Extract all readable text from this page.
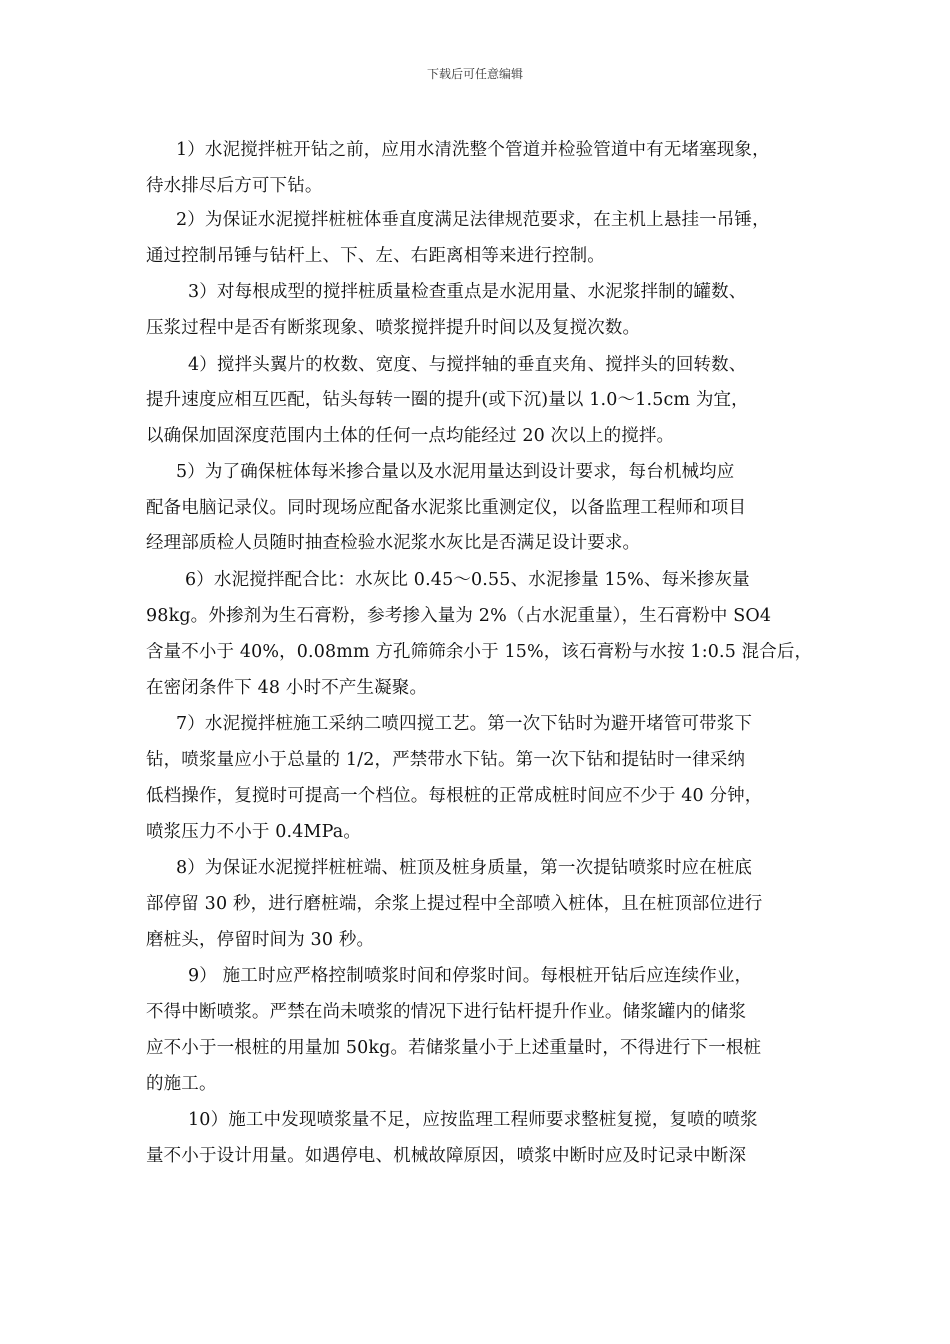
下载后可任意编辑
1）水泥搅拌桩开钻之前，应用水清洗整个管道并检验管道中有无堵塞现象，
待水排尽后方可下钻。
2）为保证水泥搅拌桩桩体垂直度满足法律规范要求，在主机上悬挂一吊锤，
通过控制吊锤与钻杆上、下、左、右距离相等来进行控制。
3）对每根成型的搅拌桩质量检查重点是水泥用量、水泥浆拌制的罐数、
压浆过程中是否有断浆现象、喷浆搅拌提升时间以及复搅次数。
4）搅拌头翼片的枚数、宽度、与搅拌轴的垂直夹角、搅拌头的回转数、
提升速度应相互匹配，钻头每转一圈的提升(或下沉)量以 1.0～1.5cm 为宜，
以确保加固深度范围内土体的任何一点均能经过 20 次以上的搅拌。
5）为了确保桩体每米掺合量以及水泥用量达到设计要求，每台机械均应
配备电脑记录仪。同时现场应配备水泥浆比重测定仪，以备监理工程师和项目
经理部质检人员随时抽查检验水泥浆水灰比是否满足设计要求。
6）水泥搅拌配合比：水灰比 0.45～0.55、水泥掺量 15%、每米掺灰量
98kg。外掺剂为生石膏粉，参考掺入量为 2%（占水泥重量），生石膏粉中 SO4
含量不小于 40%，0.08mm 方孔筛筛余小于 15%，该石膏粉与水按 1:0.5 混合后，
在密闭条件下 48 小时不产生凝聚。
7）水泥搅拌桩施工采纳二喷四搅工艺。第一次下钻时为避开堵管可带浆下
钻，喷浆量应小于总量的 1/2，严禁带水下钻。第一次下钻和提钻时一律采纳
低档操作，复搅时可提高一个档位。每根桩的正常成桩时间应不少于 40 分钟，
喷浆压力不小于 0.4MPa。
8）为保证水泥搅拌桩桩端、桩顶及桩身质量，第一次提钻喷浆时应在桩底
部停留 30 秒，进行磨桩端，余浆上提过程中全部喷入桩体，且在桩顶部位进行
磨桩头，停留时间为 30 秒。
9） 施工时应严格控制喷浆时间和停浆时间。每根桩开钻后应连续作业，
不得中断喷浆。严禁在尚未喷浆的情况下进行钻杆提升作业。储浆罐内的储浆
应不小于一根桩的用量加 50kg。若储浆量小于上述重量时，不得进行下一根桩
的施工。
10）施工中发现喷浆量不足，应按监理工程师要求整桩复搅，复喷的喷浆
量不小于设计用量。如遇停电、机械故障原因，喷浆中断时应及时记录中断深
